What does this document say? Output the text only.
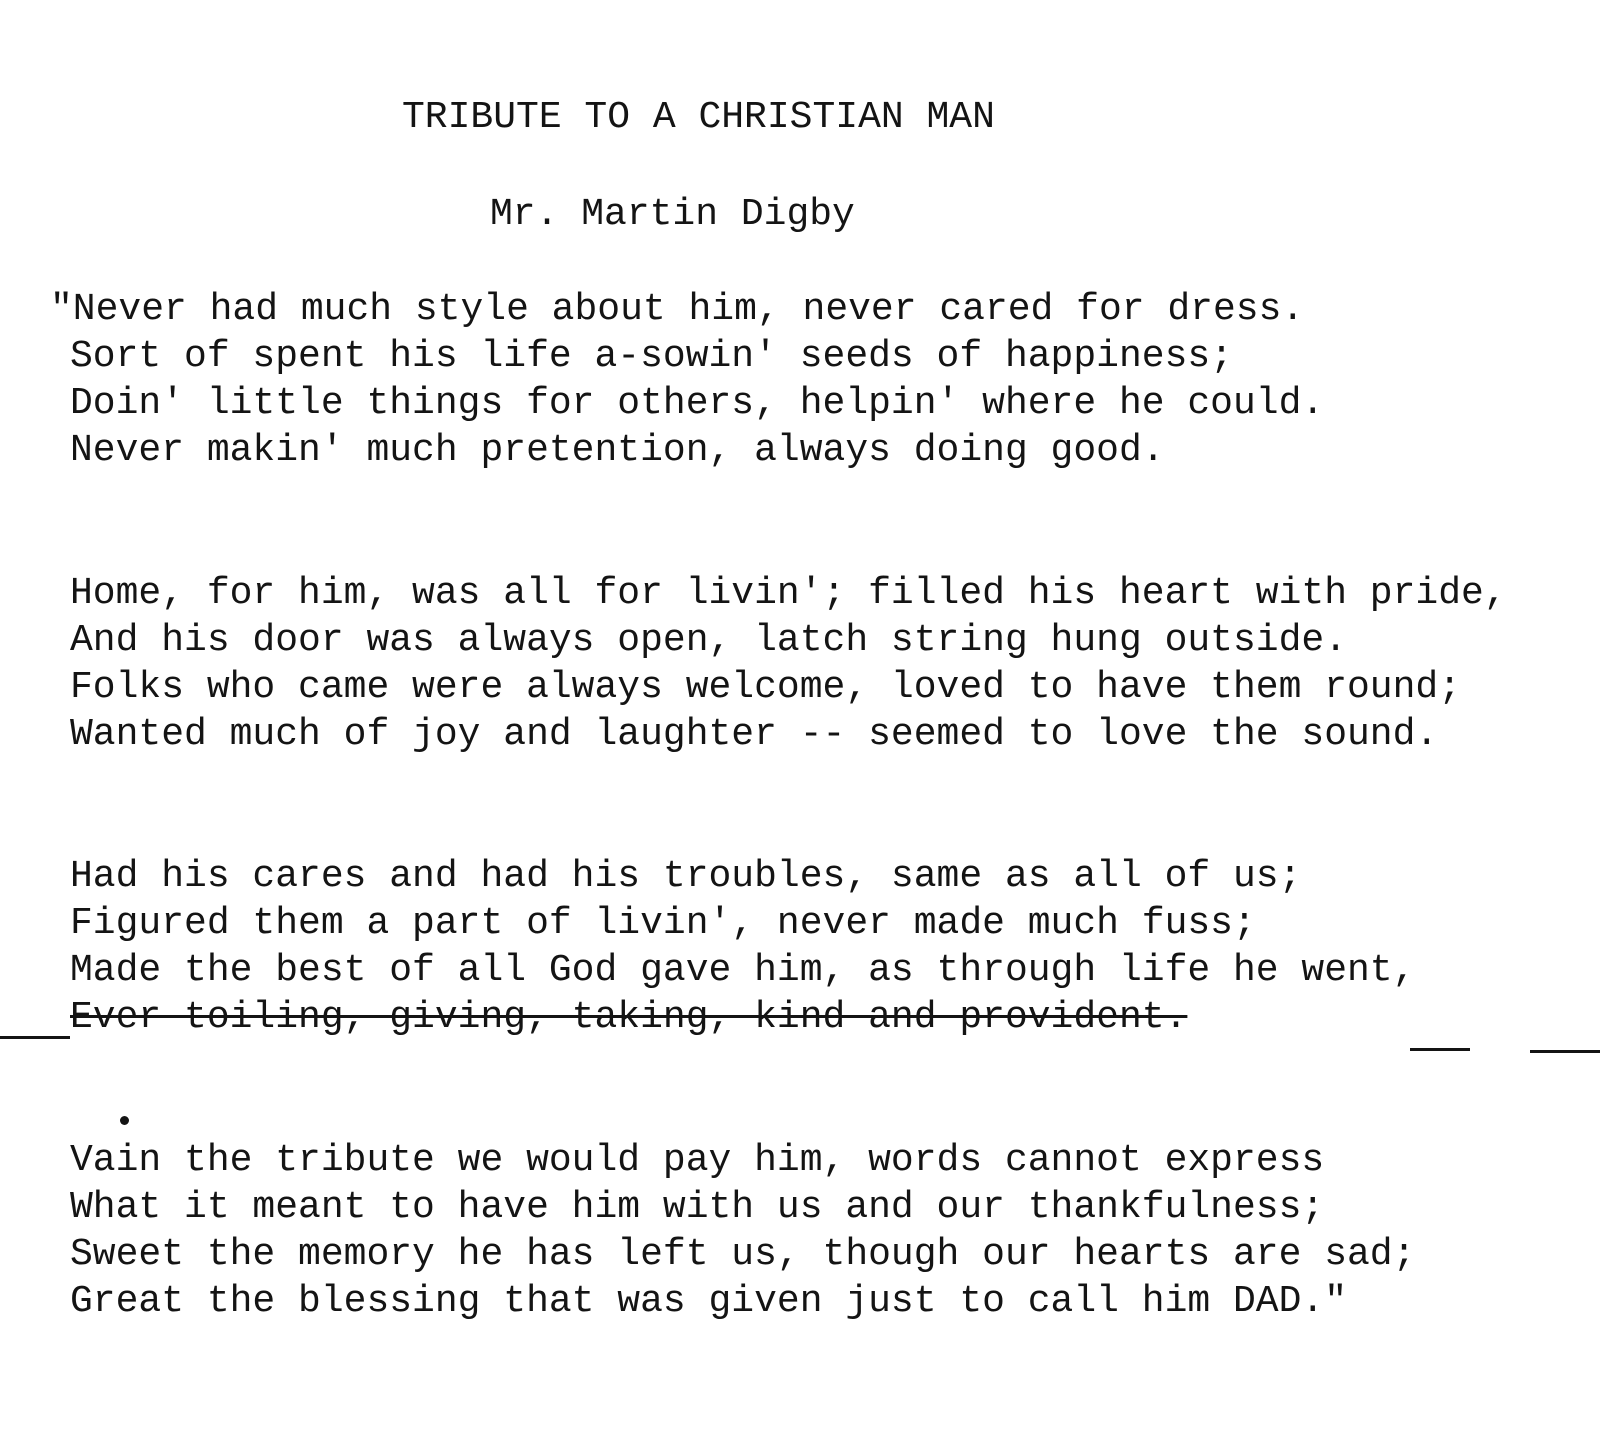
TRIBUTE TO A CHRISTIAN MAN
Mr. Martin Digby
"Never had much style about him, never cared for dress.
Sort of spent his life a-sowin' seeds of happiness;
Doin' little things for others, helpin' where he could.
Never makin' much pretention, always doing good.
Home, for him, was all for livin'; filled his heart with pride,
And his door was always open, latch string hung outside.
Folks who came were always welcome, loved to have them round;
Wanted much of joy and laughter -- seemed to love the sound.
Had his cares and had his troubles, same as all of us;
Figured them a part of livin', never made much fuss;
Made the best of all God gave him, as through life he went,
Ever toiling, giving, taking, kind and provident.
Vain the tribute we would pay him, words cannot express
What it meant to have him with us and our thankfulness;
Sweet the memory he has left us, though our hearts are sad;
Great the blessing that was given just to call him DAD."
